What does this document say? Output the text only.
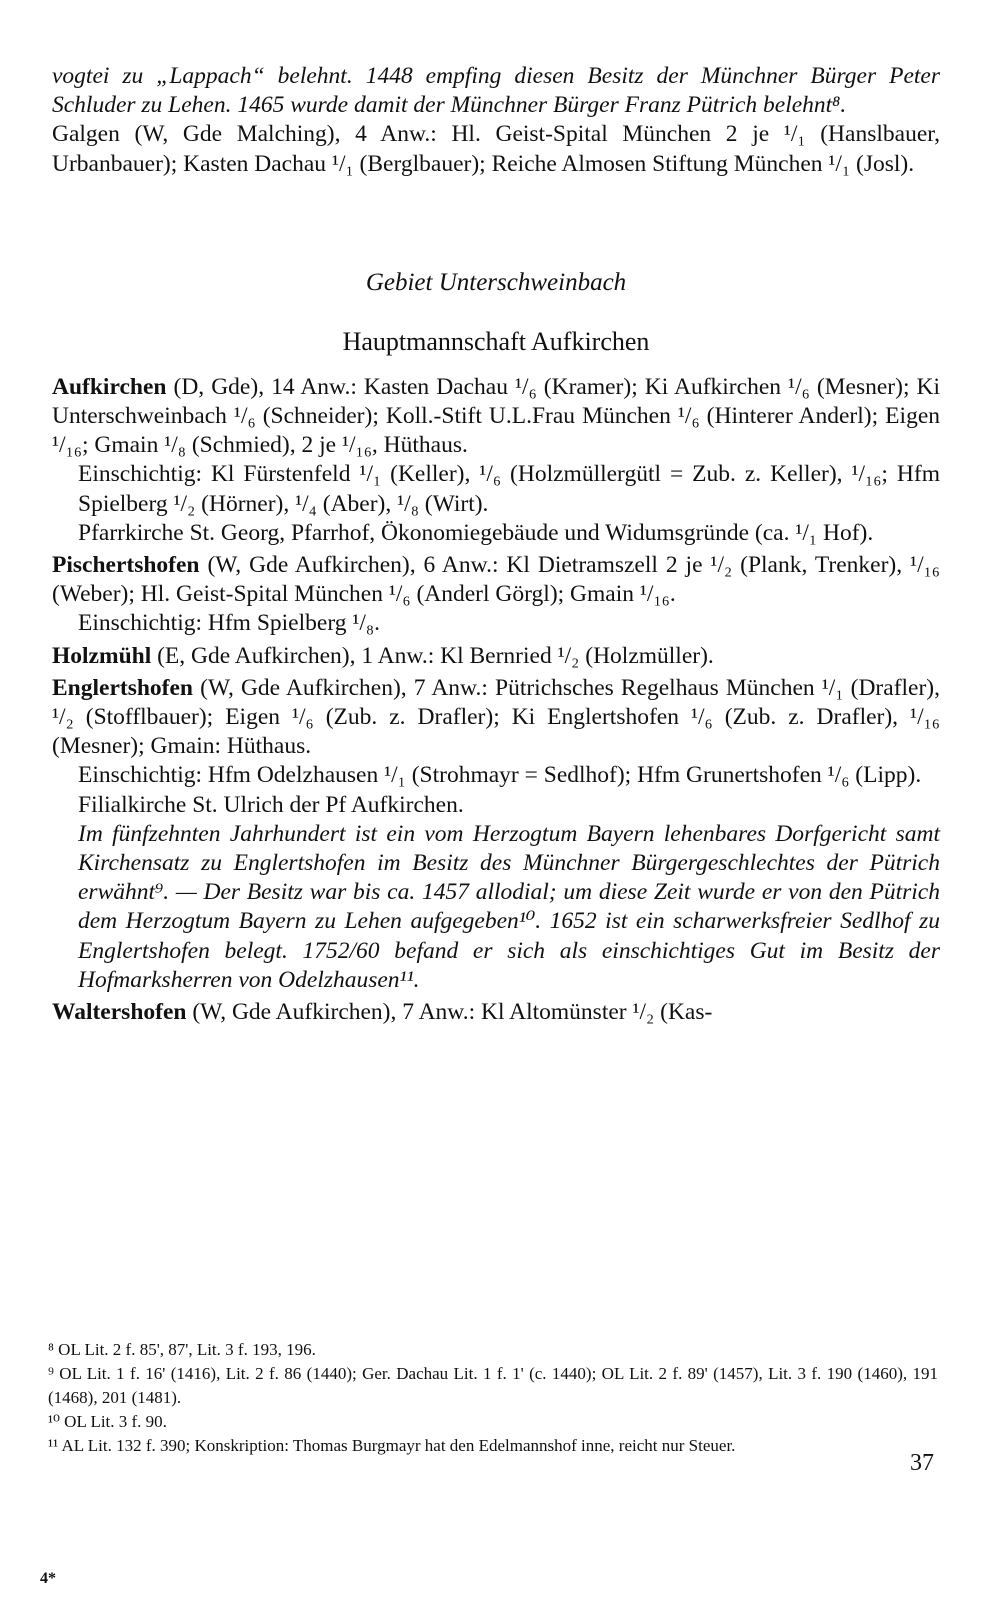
vogtei zu „Lappach“ belehnt. 1448 empfing diesen Besitz der Münchner Bürger Peter Schluder zu Lehen. 1465 wurde damit der Münchner Bürger Franz Pütrich belehnt⁸.

Galgen (W, Gde Malching), 4 Anw.: Hl. Geist-Spital München 2 je ¹/₁ (Hanslbauer, Urbanbauer); Kasten Dachau ¹/₁ (Berglbauer); Reiche Almosen Stiftung München ¹/₁ (Josl).

Gebiet Unterschweinbach

Hauptmannschaft Aufkirchen

Aufkirchen (D, Gde), 14 Anw.: Kasten Dachau ¹/₆ (Kramer); Ki Aufkirchen ¹/₆ (Mesner); Ki Unterschweinbach ¹/₆ (Schneider); Koll.-Stift U.L.Frau München ¹/₆ (Hinterer Anderl); Eigen ¹/₁₆; Gmain ¹/₈ (Schmied), 2 je ¹/₁₆, Hüthaus.

Einschichtig: Kl Fürstenfeld ¹/₁ (Keller), ¹/₆ (Holzmüllergütl = Zub. z. Keller), ¹/₁₆; Hfm Spielberg ¹/₂ (Hörner), ¹/₄ (Aber), ¹/₈ (Wirt).

Pfarrkirche St. Georg, Pfarrhof, Ökonomiegebäude und Widumsgründe (ca. ¹/₁ Hof).

Pischertshofen (W, Gde Aufkirchen), 6 Anw.: Kl Dietramszell 2 je ¹/₂ (Plank, Trenker), ¹/₁₆ (Weber); Hl. Geist-Spital München ¹/₆ (Anderl Görgl); Gmain ¹/₁₆.

Einschichtig: Hfm Spielberg ¹/₈.

Holzmühl (E, Gde Aufkirchen), 1 Anw.: Kl Bernried ¹/₂ (Holzmüller).

Englertshofen (W, Gde Aufkirchen), 7 Anw.: Pütrichsches Regelhaus München ¹/₁ (Drafler), ¹/₂ (Stofflbauer); Eigen ¹/₆ (Zub. z. Drafler); Ki Englertshofen ¹/₆ (Zub. z. Drafler), ¹/₁₆ (Mesner); Gmain: Hüthaus.

Einschichtig: Hfm Odelzhausen ¹/₁ (Strohmayr = Sedlhof); Hfm Grunertshofen ¹/₆ (Lipp).

Filialkirche St. Ulrich der Pf Aufkirchen.

Im fünfzehnten Jahrhundert ist ein vom Herzogtum Bayern lehenbares Dorfgericht samt Kirchensatz zu Englertshofen im Besitz des Münchner Bürgergeschlechtes der Pütrich erwähnt⁹. — Der Besitz war bis ca. 1457 allodial; um diese Zeit wurde er von den Pütrich dem Herzogtum Bayern zu Lehen aufgegeben¹⁰. 1652 ist ein scharwerksfreier Sedlhof zu Englertshofen belegt. 1752/60 befand er sich als einschichtiges Gut im Besitz der Hofmarksherren von Odelzhausen¹¹.

Waltershofen (W, Gde Aufkirchen), 7 Anw.: Kl Altomünster ¹/₂ (Kas-

⁸ OL Lit. 2 f. 85', 87', Lit. 3 f. 193, 196.

⁹ OL Lit. 1 f. 16' (1416), Lit. 2 f. 86 (1440); Ger. Dachau Lit. 1 f. 1' (c. 1440); OL Lit. 2 f. 89' (1457), Lit. 3 f. 190 (1460), 191 (1468), 201 (1481).

¹⁰ OL Lit. 3 f. 90.

¹¹ AL Lit. 132 f. 390; Konskription: Thomas Burgmayr hat den Edelmannshof inne, reicht nur Steuer.

37
4*
